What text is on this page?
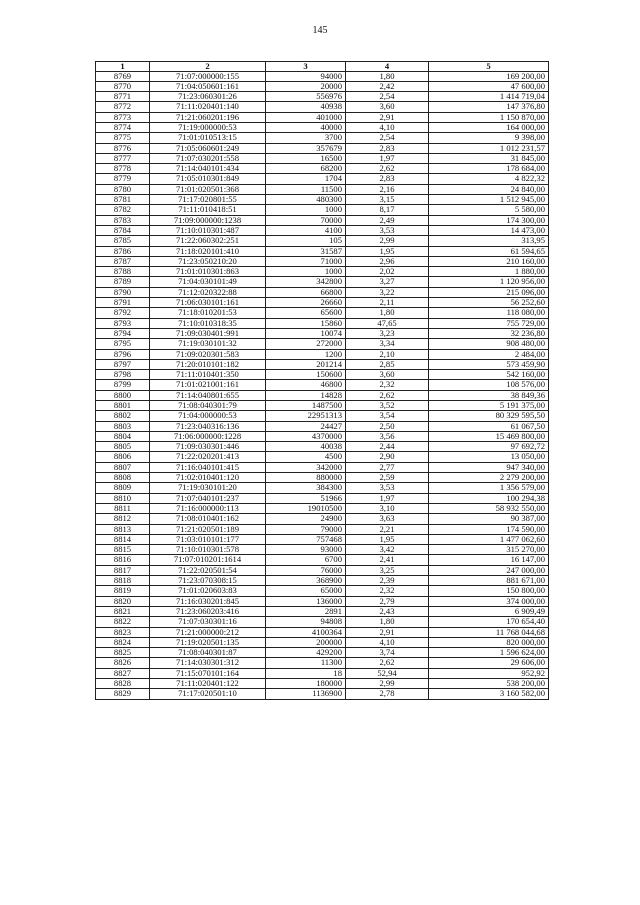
145
1	2	3	4	5
8769	71:07:000000:155	94000	1,80	169 200,00
8770	71:04:050601:161	20000	2,42	47 600,00
8771	71:23:060301:26	556976	2,54	1 414 719,04
8772	71:11:020401:140	40938	3,60	147 376,80
8773	71:21:060201:196	401000	2,91	1 150 870,00
8774	71:19:000000:53	40000	4,10	164 000,00
8775	71:01:010513:15	3700	2,54	9 398,00
8776	71:05:060601:249	357679	2,83	1 012 231,57
8777	71:07:030201:558	16500	1,97	31 845,00
8778	71:14:040101:434	68200	2,62	178 684,00
8779	71:05:010301:849	1704	2,83	4 822,32
8780	71:01:020501:368	11500	2,16	24 840,00
8781	71:17:020801:55	480300	3,15	1 512 945,00
8782	71:11:010418:51	1000	8,17	5 580,00
8783	71:09:000000:1238	70000	2,49	174 300,00
8784	71:10:010301:487	4100	3,53	14 473,00
8785	71:22:060302:251	105	2,99	313,95
8786	71:18:020101:410	31587	1,95	61 594,65
8787	71:23:050210:20	71000	2,96	210 160,00
8788	71:01:010301:863	1000	2,02	1 880,00
8789	71:04:030101:49	342800	3,27	1 120 956,00
8790	71:12:020322:88	66800	3,22	215 096,00
8791	71:06:030101:161	26660	2,11	56 252,60
8792	71:18:010201:53	65600	1,80	118 080,00
8793	71:10:010318:35	15860	47,65	755 729,00
8794	71:09:030401:991	10074	3,23	32 236,80
8795	71:19:030101:32	272000	3,34	908 480,00
8796	71:09:020301:583	1200	2,10	2 484,00
8797	71:20:010101:182	201214	2,85	573 459,90
8798	71:11:010401:350	150600	3,60	542 160,00
8799	71:01:021001:161	46800	2,32	108 576,00
8800	71:14:040801:655	14828	2,62	38 849,36
8801	71:08:040301:79	1487500	3,52	5 191 375,00
8802	71:04:000000:53	22951313	3,54	80 329 595,50
8803	71:23:040316:136	24427	2,50	61 067,50
8804	71:06:000000:1228	4370000	3,56	15 469 800,00
8805	71:09:030301:446	40038	2,44	97 692,72
8806	71:22:020201:413	4500	2,90	13 050,00
8807	71:16:040101:415	342000	2,77	947 340,00
8808	71:02:010401:120	880000	2,59	2 279 200,00
8809	71:19:030101:20	384300	3,53	1 356 579,00
8810	71:07:040101:237	51966	1,97	100 294,38
8811	71:16:000000:113	19010500	3,10	58 932 550,00
8812	71:08:010401:162	24900	3,63	90 387,00
8813	71:21:020501:189	79000	2,21	174 590,00
8814	71:03:010101:177	757468	1,95	1 477 062,60
8815	71:10:010301:578	93000	3,42	315 270,00
8816	71:07:010201:1614	6700	2,41	16 147,00
8817	71:22:020501:54	76000	3,25	247 000,00
8818	71:23:070308:15	368900	2,39	881 671,00
8819	71:01:020603:83	65000	2,32	150 800,00
8820	71:16:030201:845	136000	2,79	374 000,00
8821	71:23:060203:416	2891	2,43	6 909,49
8822	71:07:030301:16	94808	1,80	170 654,40
8823	71:21:000000:212	4100364	2,91	11 768 044,68
8824	71:19:020501:135	200000	4,10	820 000,00
8825	71:08:040301:87	429200	3,74	1 596 624,00
8826	71:14:030301:312	11300	2,62	29 606,00
8827	71:15:070101:164	18	52,94	952,92
8828	71:11:020401:122	180000	2,99	538 200,00
8829	71:17:020501:10	1136900	2,78	3 160 582,00
